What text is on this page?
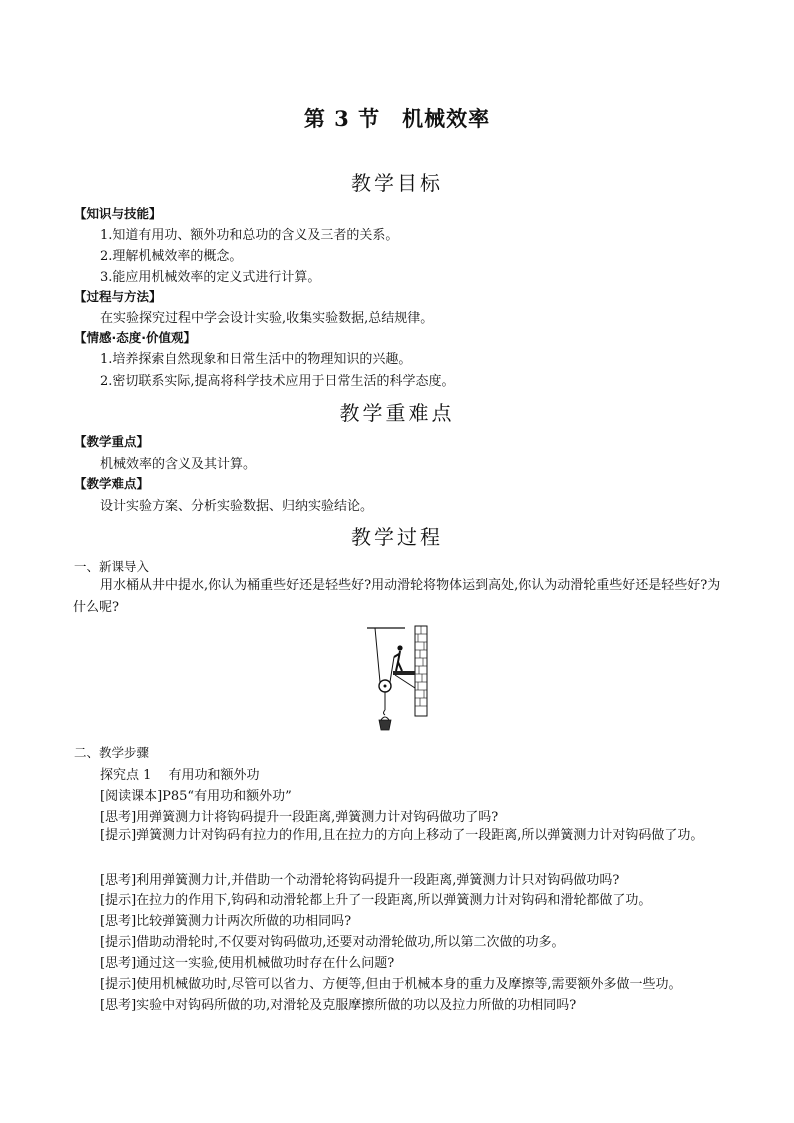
第 3 节　机械效率
教学目标
【知识与技能】
1.知道有用功、额外功和总功的含义及三者的关系。
2.理解机械效率的概念。
3.能应用机械效率的定义式进行计算。
【过程与方法】
在实验探究过程中学会设计实验,收集实验数据,总结规律。
【情感·态度·价值观】
1.培养探索自然现象和日常生活中的物理知识的兴趣。
2.密切联系实际,提高将科学技术应用于日常生活的科学态度。
教学重难点
【教学重点】
机械效率的含义及其计算。
【教学难点】
设计实验方案、分析实验数据、归纳实验结论。
教学过程
一、新课导入
用水桶从井中提水,你认为桶重些好还是轻些好?用动滑轮将物体运到高处,你认为动滑轮重些好还是轻些好?为什么呢?
二、教学步骤
探究点 1　 有用功和额外功
[阅读课本]P85“有用功和额外功”
[思考]用弹簧测力计将钩码提升一段距离,弹簧测力计对钩码做功了吗?
[提示]弹簧测力计对钩码有拉力的作用,且在拉力的方向上移动了一段距离,所以弹簧测力计对钩码做了功。
[思考]利用弹簧测力计,并借助一个动滑轮将钩码提升一段距离,弹簧测力计只对钩码做功吗?
[提示]在拉力的作用下,钩码和动滑轮都上升了一段距离,所以弹簧测力计对钩码和滑轮都做了功。
[思考]比较弹簧测力计两次所做的功相同吗?
[提示]借助动滑轮时,不仅要对钩码做功,还要对动滑轮做功,所以第二次做的功多。
[思考]通过这一实验,使用机械做功时存在什么问题?
[提示]使用机械做功时,尽管可以省力、方便等,但由于机械本身的重力及摩擦等,需要额外多做一些功。
[思考]实验中对钩码所做的功,对滑轮及克服摩擦所做的功以及拉力所做的功相同吗?
